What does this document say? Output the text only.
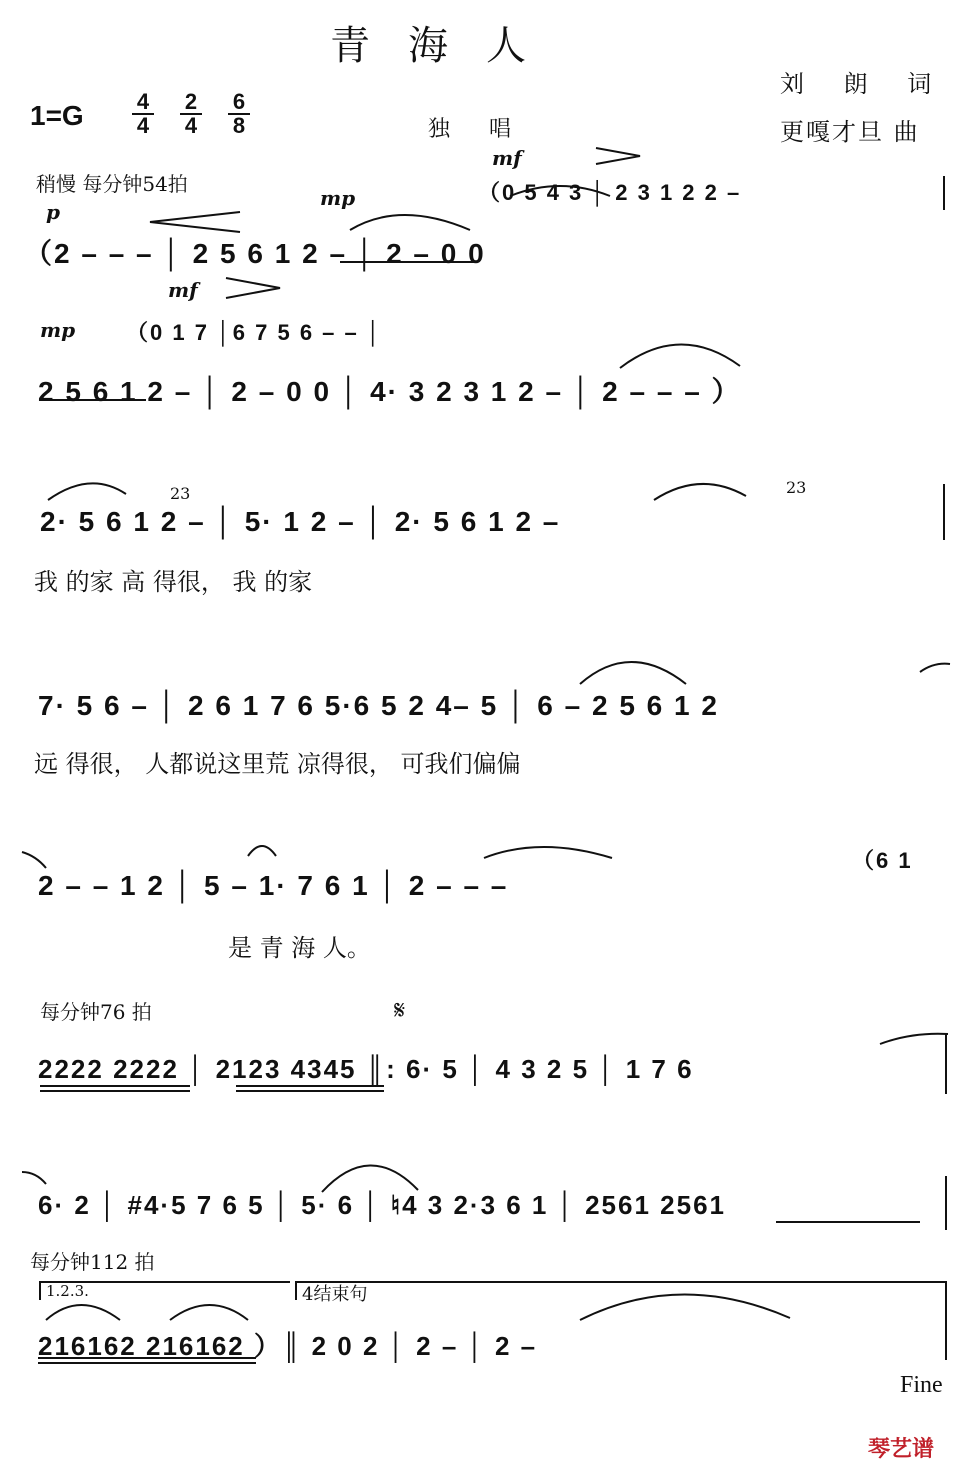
青海人
刘 朗 词
更嘎才旦 曲
独 唱
1=G 4
4
2
4
6
8
稍慢 每分钟54拍
p
mp
mf
mp
mf
（0 5 4 3 │ 2 3 1 2 2 –
（2 – – – │ 2 5 6 1 2 – │ 2 – 0 0
（0 1 7 │6 7 5 6 – – │
2 5 6 1 2 – │ 2 – 0 0 │ 4· 3 2 3 1 2 – │ 2 – – – ）
23	23
2· 5 6 1 2 – │ 5· 1 2 – │ 2· 5 6 1 2 –
我 的家 高 得很， 我 的家
7· 5 6 – │ 2 6 1 7 6 5·6 5 2 4– 5 │ 6 – 2 5 6 1 2
远 得很， 人都说这里荒 凉得很， 可我们偏偏
（6 1
2 – – 1 2 │ 5 – 1· 7 6 1 │ 2 – – –
是 青 海 人。
每分钟76 拍	𝄋
2222 2222 │ 2123 4345 ║: 6· 5 │ 4 3 2 5 │ 1 7 6
6· 2 │ #4·5 7 6 5 │ 5· 6 │ ♮4 3 2·3 6 1 │ 2561 2561
每分钟112 拍
1.2.3.	4结束句
216162 216162 ）║ 2 0 2 │ 2 – │ 2 –
Fine
琴艺谱
